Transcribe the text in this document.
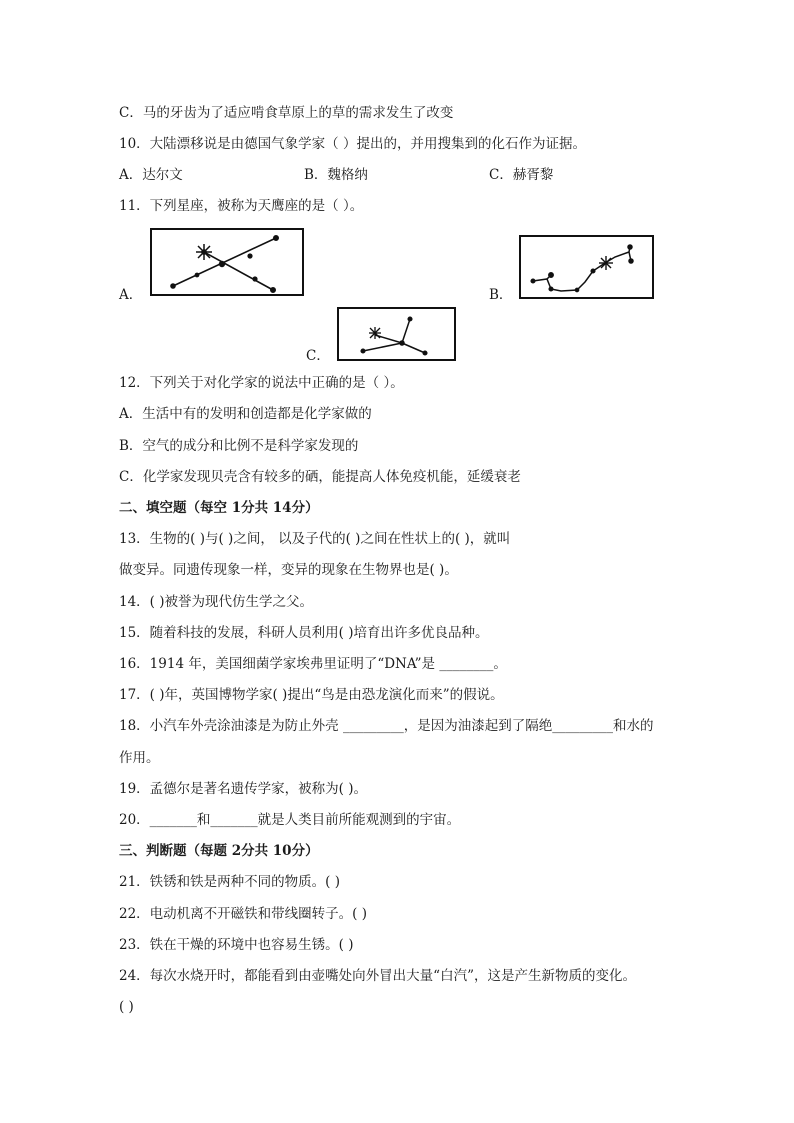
C．马的牙齿为了适应啃食草原上的草的需求发生了改变
10．大陆漂移说是由德国气象学家（ ）提出的，并用搜集到的化石作为证据。
A．达尔文	B．魏格纳	C．赫胥黎
11．下列星座，被称为天鹰座的是（ ）。
A．	B．
C．
12．下列关于对化学家的说法中正确的是（ ）。
A．生活中有的发明和创造都是化学家做的
B．空气的成分和比例不是科学家发现的
C．化学家发现贝壳含有较多的硒，能提高人体免疫机能，延缓衰老
二、填空题（每空 1分共 14分）
13．生物的( )与( )之间， 以及子代的( )之间在性状上的( )，就叫
做变异。同遗传现象一样，变异的现象在生物界也是( )。
14．( )被誉为现代仿生学之父。
15．随着科技的发展，科研人员利用( )培育出许多优良品种。
16．1914 年，美国细菌学家埃弗里证明了“DNA”是 ________。
17．( )年，英国博物学家( )提出“鸟是由恐龙演化而来”的假说。
18．小汽车外壳涂油漆是为防止外壳 _________，是因为油漆起到了隔绝_________和水的
作用。
19．孟德尔是著名遗传学家，被称为( )。
20．_______和_______就是人类目前所能观测到的宇宙。
三、判断题（每题 2分共 10分）
21．铁锈和铁是两种不同的物质。( )
22．电动机离不开磁铁和带线圈转子。( )
23．铁在干燥的环境中也容易生锈。( )
24．每次水烧开时，都能看到由壶嘴处向外冒出大量“白汽”，这是产生新物质的变化。
( )
